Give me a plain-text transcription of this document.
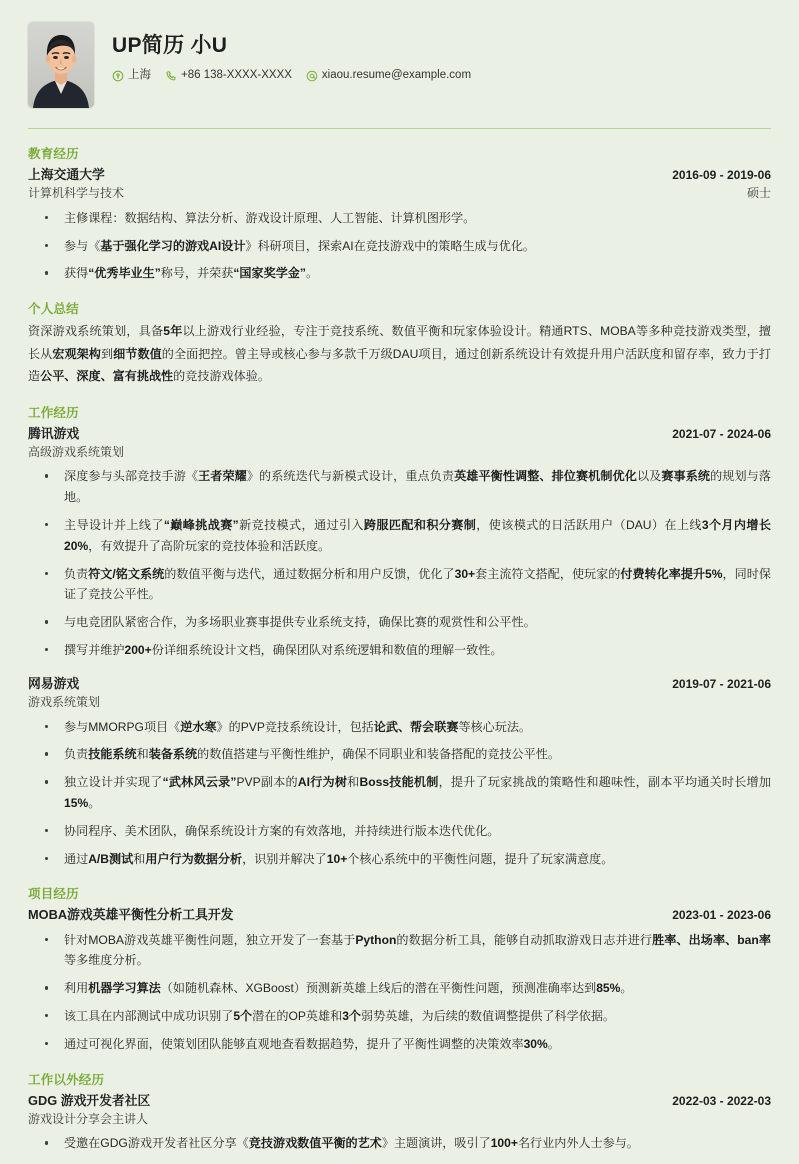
UP简历 小U
上海	+86 138-XXXX-XXXX	xiaou.resume@example.com
教育经历
上海交通大学	2016-09 - 2019-06
计算机科学与技术	硕士
主修课程：数据结构、算法分析、游戏设计原理、人工智能、计算机图形学。
参与《基于强化学习的游戏AI设计》科研项目，探索AI在竞技游戏中的策略生成与优化。
获得“优秀毕业生”称号，并荣获“国家奖学金”。
个人总结
资深游戏系统策划，具备5年以上游戏行业经验，专注于竞技系统、数值平衡和玩家体验设计。精通RTS、MOBA等多种竞技游戏类型，擅长从宏观架构到细节数值的全面把控。曾主导或核心参与多款千万级DAU项目，通过创新系统设计有效提升用户活跃度和留存率，致力于打造公平、深度、富有挑战性的竞技游戏体验。
工作经历
腾讯游戏	2021-07 - 2024-06
高级游戏系统策划
深度参与头部竞技手游《王者荣耀》的系统迭代与新模式设计，重点负责英雄平衡性调整、排位赛机制优化以及赛事系统的规划与落地。
主导设计并上线了“巅峰挑战赛”新竞技模式，通过引入跨服匹配和积分赛制，使该模式的日活跃用户（DAU）在上线3个月内增长20%，有效提升了高阶玩家的竞技体验和活跃度。
负责符文/铭文系统的数值平衡与迭代，通过数据分析和用户反馈，优化了30+套主流符文搭配，使玩家的付费转化率提升5%，同时保证了竞技公平性。
与电竞团队紧密合作，为多场职业赛事提供专业系统支持，确保比赛的观赏性和公平性。
撰写并维护200+份详细系统设计文档，确保团队对系统逻辑和数值的理解一致性。
网易游戏	2019-07 - 2021-06
游戏系统策划
参与MMORPG项目《逆水寒》的PVP竞技系统设计，包括论武、帮会联赛等核心玩法。
负责技能系统和装备系统的数值搭建与平衡性维护，确保不同职业和装备搭配的竞技公平性。
独立设计并实现了“武林风云录”PVP副本的AI行为树和Boss技能机制，提升了玩家挑战的策略性和趣味性，副本平均通关时长增加15%。
协同程序、美术团队，确保系统设计方案的有效落地，并持续进行版本迭代优化。
通过A/B测试和用户行为数据分析，识别并解决了10+个核心系统中的平衡性问题，提升了玩家满意度。
项目经历
MOBA游戏英雄平衡性分析工具开发	2023-01 - 2023-06
针对MOBA游戏英雄平衡性问题，独立开发了一套基于Python的数据分析工具，能够自动抓取游戏日志并进行胜率、出场率、ban率等多维度分析。
利用机器学习算法（如随机森林、XGBoost）预测新英雄上线后的潜在平衡性问题，预测准确率达到85%。
该工具在内部测试中成功识别了5个潜在的OP英雄和3个弱势英雄，为后续的数值调整提供了科学依据。
通过可视化界面，使策划团队能够直观地查看数据趋势，提升了平衡性调整的决策效率30%。
工作以外经历
GDG 游戏开发者社区	2022-03 - 2022-03
游戏设计分享会主讲人
受邀在GDG游戏开发者社区分享《竞技游戏数值平衡的艺术》主题演讲，吸引了100+名行业内外人士参与。
